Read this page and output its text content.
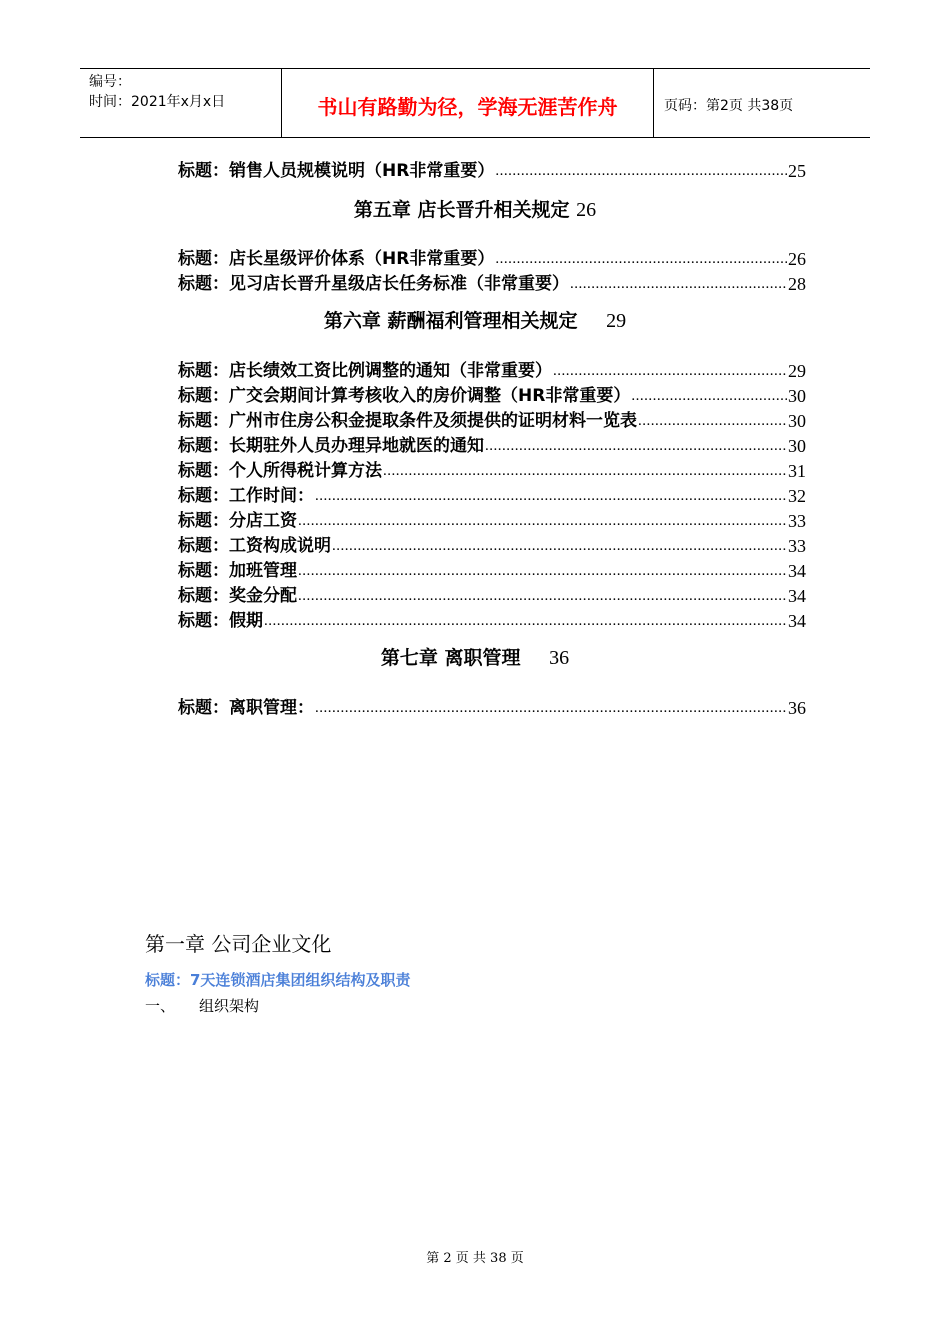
编号：
时间：2021年x月x日	书山有路勤为径，学海无涯苦作舟	页码：第2页 共38页
标题：销售人员规模说明（HR非常重要） .....	25
第五章 店长晋升相关规定 26
标题：店长星级评价体系（HR非常重要） .....	26
标题：见习店长晋升星级店长任务标准（非常重要） .....	28
第六章 薪酬福利管理相关规定 29
标题：店长绩效工资比例调整的通知（非常重要） .....	29
标题：广交会期间计算考核收入的房价调整（HR非常重要） .....	30
标题：广州市住房公积金提取条件及须提供的证明材料一览表 .....	30
标题：长期驻外人员办理异地就医的通知 .....	30
标题：个人所得税计算方法 .....	31
标题：工作时间： .....	32
标题：分店工资 .....	33
标题：工资构成说明 .....	33
标题：加班管理 .....	34
标题：奖金分配 .....	34
标题：假期 .....	34
第七章 离职管理 36
标题：离职管理： .....	36
第一章 公司企业文化
标题：7天连锁酒店集团组织结构及职责
一、 组织架构
第 2 页 共 38 页
